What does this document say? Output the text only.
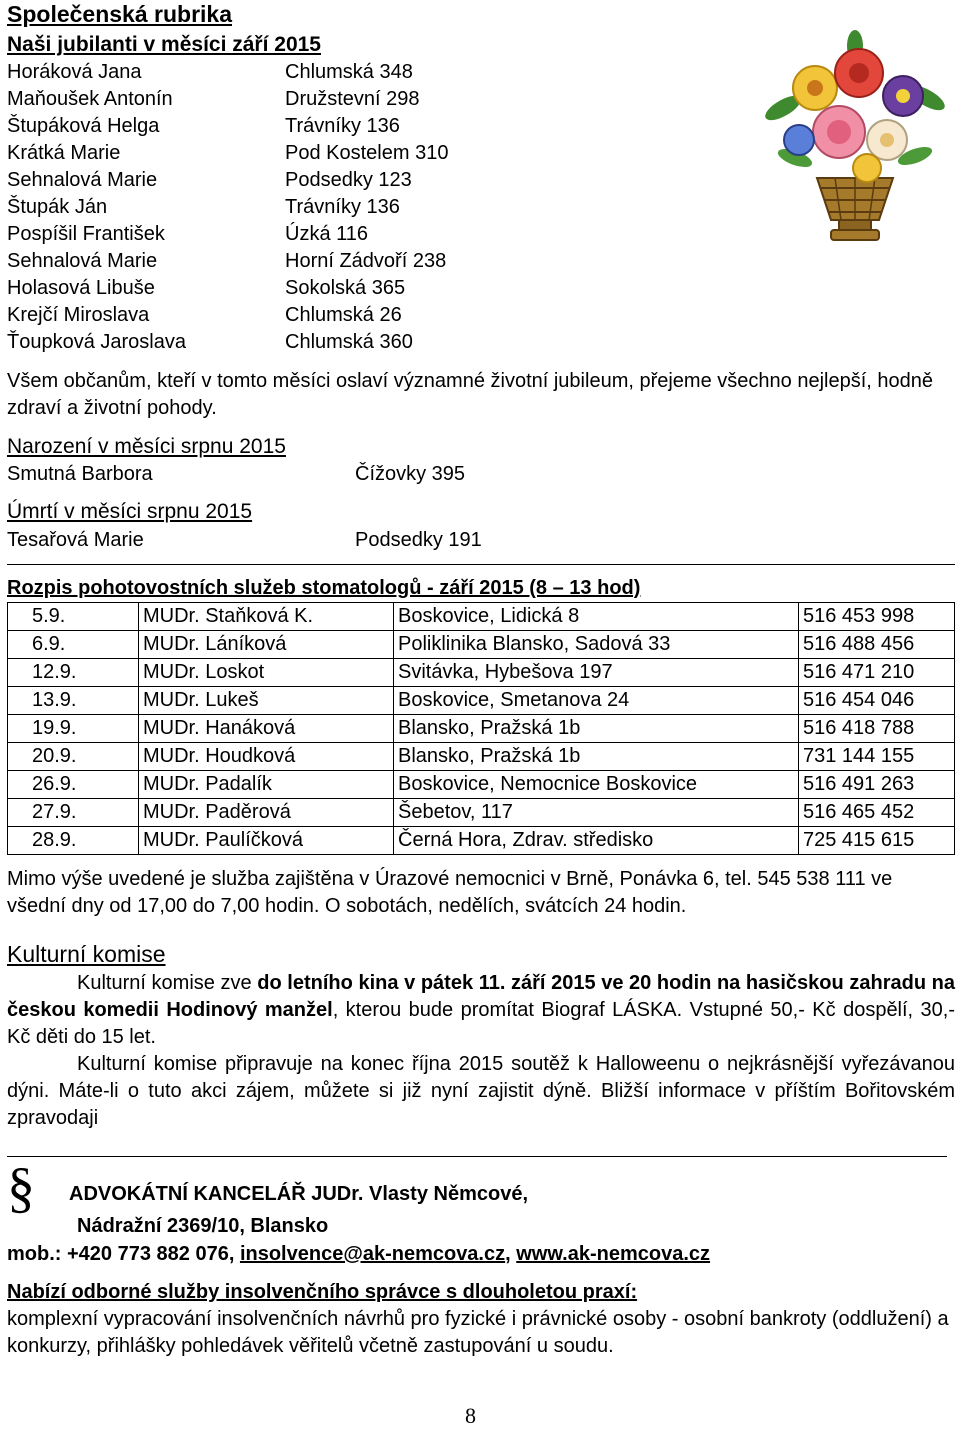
Společenská rubrika
Naši jubilanti v měsíci září 2015
Horáková Jana	Chlumská 348
Maňoušek Antonín	Družstevní 298
Štupáková Helga	Trávníky 136
Krátká Marie	Pod Kostelem 310
Sehnalová Marie	Podsedky 123
Štupák Ján	Trávníky 136
Pospíšil František	Úzká 116
Sehnalová Marie	Horní Zádvoří 238
Holasová Libuše	Sokolská 365
Krejčí Miroslava	Chlumská 26
Ťoupková Jaroslava	Chlumská 360
Všem občanům, kteří v tomto měsíci oslaví významné životní jubileum, přejeme všechno nejlepší, hodně zdraví a životní pohody.
Narození v měsíci srpnu 2015
Smutná Barbora	Čížovky 395
Úmrtí v měsíci srpnu 2015
Tesařová Marie	Podsedky 191
Rozpis pohotovostních služeb stomatologů - září 2015 (8 – 13 hod)
5.9.	MUDr. Staňková K.	Boskovice, Lidická 8	516 453 998
6.9.	MUDr. Láníková	Poliklinika Blansko, Sadová 33	516 488 456
12.9.	MUDr. Loskot	Svitávka, Hybešova 197	516 471 210
13.9.	MUDr. Lukeš	Boskovice, Smetanova 24	516 454 046
19.9.	MUDr. Hanáková	Blansko, Pražská 1b	516 418 788
20.9.	MUDr. Houdková	Blansko, Pražská 1b	731 144 155
26.9.	MUDr. Padalík	Boskovice, Nemocnice Boskovice	516 491 263
27.9.	MUDr. Paděrová	Šebetov, 117	516 465 452
28.9.	MUDr. Paulíčková	Černá Hora, Zdrav. středisko	725 415 615
Mimo výše uvedené je služba zajištěna v Úrazové nemocnici v Brně, Ponávka 6, tel. 545 538 111 ve všední dny od 17,00 do 7,00 hodin. O sobotách, nedělích, svátcích 24 hodin.
Kulturní komise
Kulturní komise zve do letního kina v pátek 11. září 2015 ve 20 hodin na hasičskou zahradu na českou komedii Hodinový manžel, kterou bude promítat Biograf LÁSKA. Vstupné 50,- Kč dospělí, 30,- Kč děti do 15 let.
Kulturní komise připravuje na konec října 2015 soutěž k Halloweenu o nejkrásnější vyřezávanou dýni. Máte-li o tuto akci zájem, můžete si již nyní zajistit dýně. Bližší informace v příštím Bořitovském zpravodaji
§ ADVOKÁTNÍ KANCELÁŘ JUDr. Vlasty Němcové,
Nádražní 2369/10, Blansko
mob.: +420 773 882 076, insolvence@ak-nemcova.cz, www.ak-nemcova.cz
Nabízí odborné služby insolvenčního správce s dlouholetou praxí:
komplexní vypracování insolvenčních návrhů pro fyzické i právnické osoby - osobní bankroty (oddlužení) a konkurzy, přihlášky pohledávek věřitelů včetně zastupování u soudu.
8
